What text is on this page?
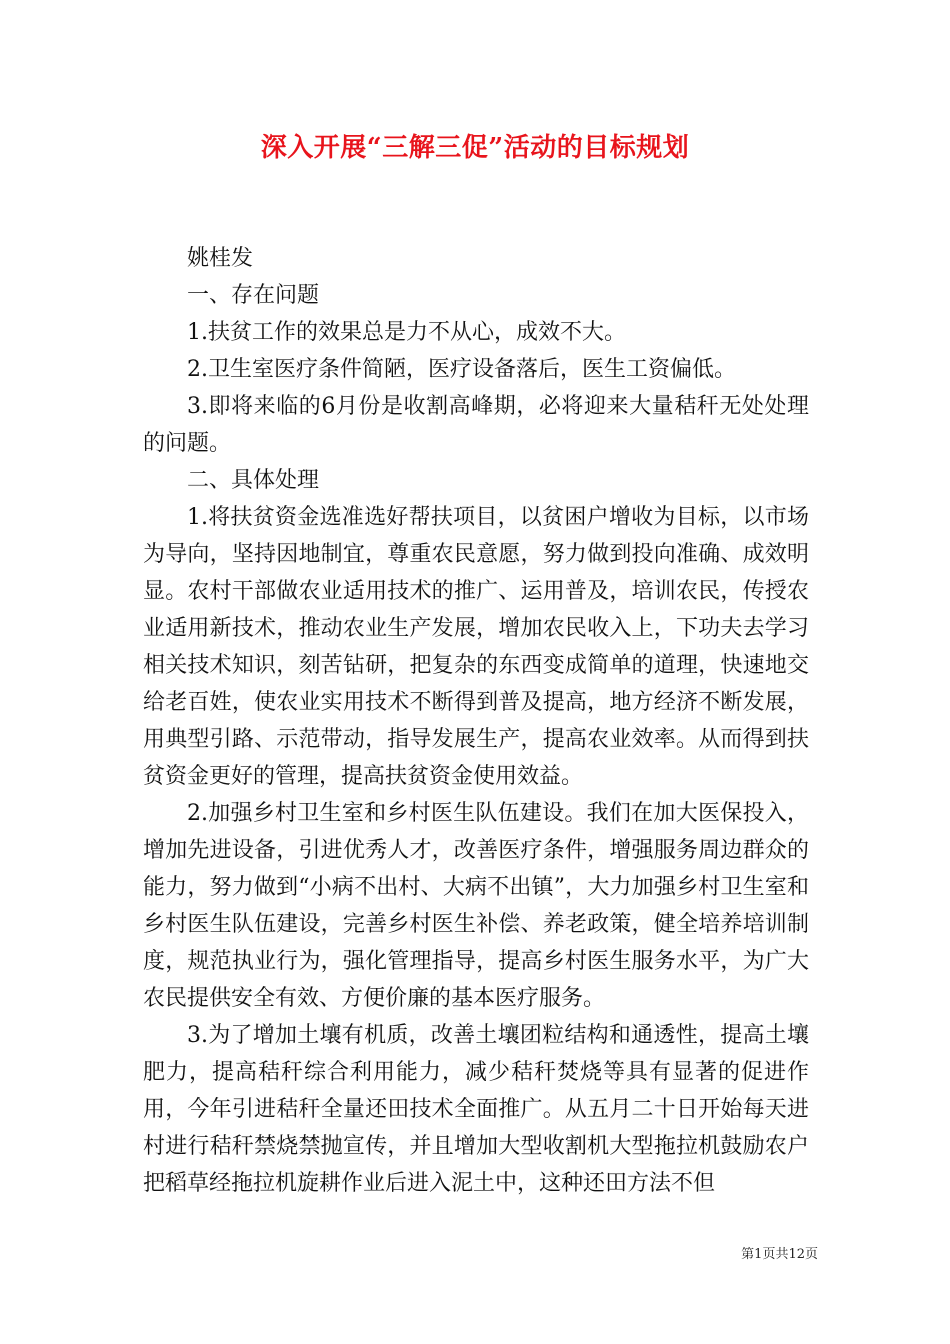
深入开展“三解三促”活动的目标规划

姚桂发

一、存在问题

1.扶贫工作的效果总是力不从心，成效不大。

2.卫生室医疗条件简陋，医疗设备落后，医生工资偏低。

3.即将来临的6月份是收割高峰期，必将迎来大量秸秆无处处理的问题。

二、具体处理

1.将扶贫资金选准选好帮扶项目，以贫困户增收为目标，以市场为导向，坚持因地制宜，尊重农民意愿，努力做到投向准确、成效明显。农村干部做农业适用技术的推广、运用普及，培训农民，传授农业适用新技术，推动农业生产发展，增加农民收入上，下功夫去学习相关技术知识，刻苦钻研，把复杂的东西变成简单的道理，快速地交给老百姓，使农业实用技术不断得到普及提高，地方经济不断发展，用典型引路、示范带动，指导发展生产，提高农业效率。从而得到扶贫资金更好的管理，提高扶贫资金使用效益。

2.加强乡村卫生室和乡村医生队伍建设。我们在加大医保投入，增加先进设备，引进优秀人才，改善医疗条件，增强服务周边群众的能力，努力做到“小病不出村、大病不出镇”，大力加强乡村卫生室和乡村医生队伍建设，完善乡村医生补偿、养老政策，健全培养培训制度，规范执业行为，强化管理指导，提高乡村医生服务水平，为广大农民提供安全有效、方便价廉的基本医疗服务。

3.为了增加土壤有机质，改善土壤团粒结构和通透性，提高土壤肥力，提高秸秆综合利用能力，减少秸秆焚烧等具有显著的促进作用，今年引进秸秆全量还田技术全面推广。从五月二十日开始每天进村进行秸秆禁烧禁抛宣传，并且增加大型收割机大型拖拉机鼓励农户把稻草经拖拉机旋耕作业后进入泥土中，这种还田方法不但

第1页共12页
